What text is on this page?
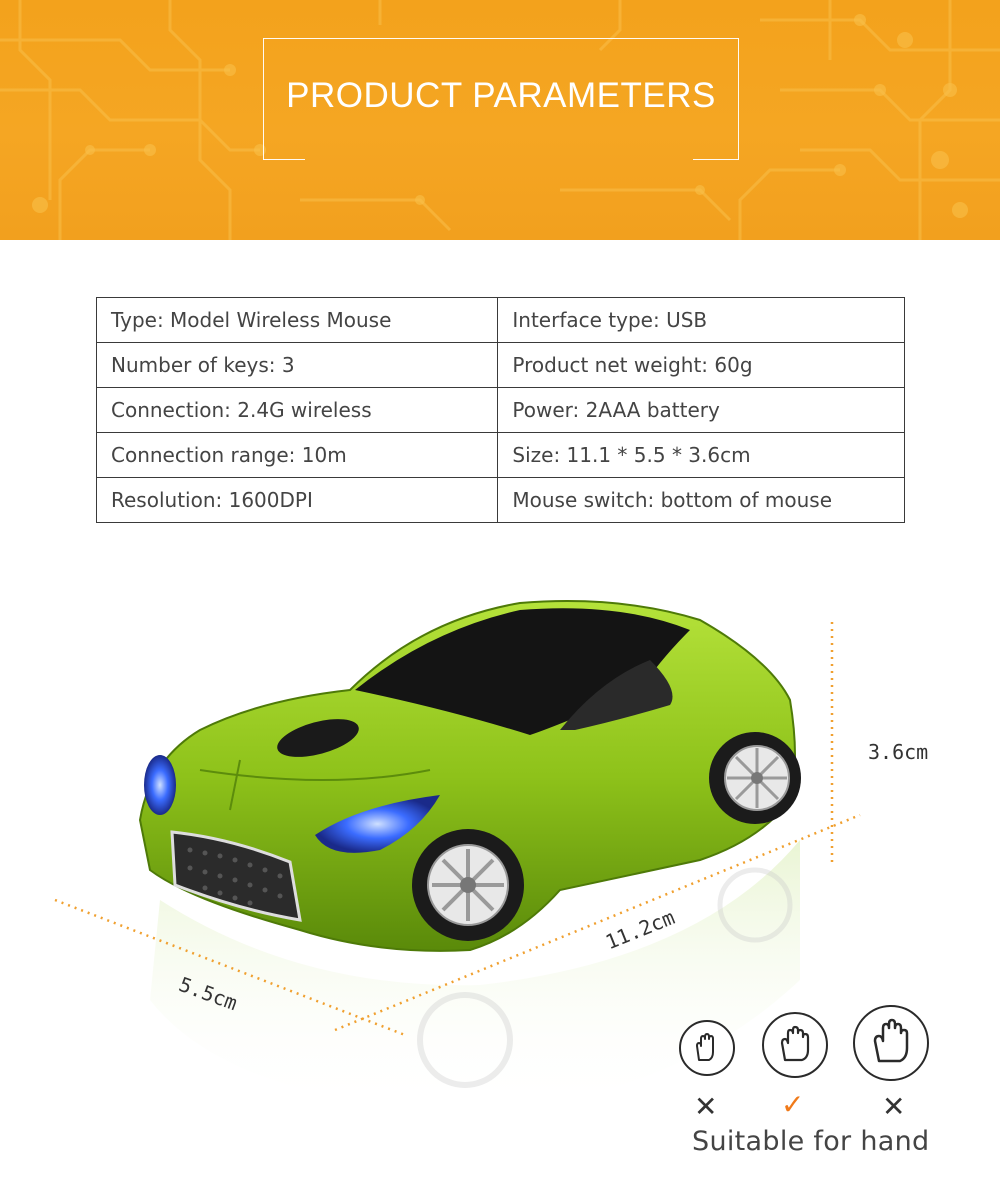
PRODUCT PARAMETERS
Type: Model Wireless Mouse	Interface type: USB
Number of keys: 3	Product net weight: 60g
Connection: 2.4G wireless	Power: 2AAA battery
Connection range: 10m	Size: 11.1 * 5.5 * 3.6cm
Resolution: 1600DPI	Mouse switch: bottom of mouse
3.6cm
11.2cm
5.5cm
✕ ✓	✕
Suitable for hand
